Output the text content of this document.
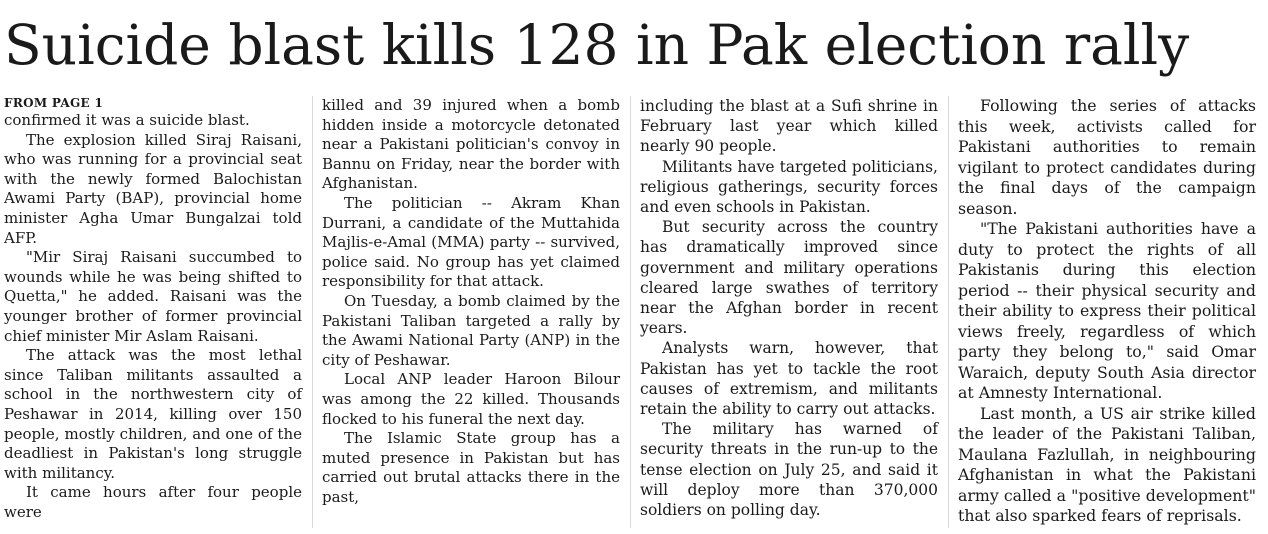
Suicide blast kills 128 in Pak election rally
FROM PAGE 1

confirmed it was a suicide blast.

The explosion killed Siraj Raisani, who was running for a provincial seat with the newly formed Balochistan Awami Party (BAP), provincial home minister Agha Umar Bungalzai told AFP.

"Mir Siraj Raisani succumbed to wounds while he was being shifted to Quetta," he added. Raisani was the younger brother of former provincial chief minister Mir Aslam Raisani.

The attack was the most lethal since Taliban militants assaulted a school in the northwestern city of Peshawar in 2014, killing over 150 people, mostly children, and one of the deadliest in Pakistan's long struggle with militancy.

It came hours after four people were

killed and 39 injured when a bomb hidden inside a motorcycle detonated near a Pakistani politician's convoy in Bannu on Friday, near the border with Afghanistan.

The politician -- Akram Khan Durrani, a candidate of the Muttahida Majlis-e-Amal (MMA) party -- survived, police said. No group has yet claimed responsibility for that attack.

On Tuesday, a bomb claimed by the Pakistani Taliban targeted a rally by the Awami National Party (ANP) in the city of Peshawar.

Local ANP leader Haroon Bilour was among the 22 killed. Thousands flocked to his funeral the next day.

The Islamic State group has a muted presence in Pakistan but has carried out brutal attacks there in the past,

including the blast at a Sufi shrine in February last year which killed nearly 90 people.

Militants have targeted politicians, religious gatherings, security forces and even schools in Pakistan.

But security across the country has dramatically improved since government and military operations cleared large swathes of territory near the Afghan border in recent years.

Analysts warn, however, that Pakistan has yet to tackle the root causes of extremism, and militants retain the ability to carry out attacks.

The military has warned of security threats in the run-up to the tense election on July 25, and said it will deploy more than 370,000 soldiers on polling day.

Following the series of attacks this week, activists called for Pakistani authorities to remain vigilant to protect candidates during the final days of the campaign season.

"The Pakistani authorities have a duty to protect the rights of all Pakistanis during this election period -- their physical security and their ability to express their political views freely, regardless of which party they belong to," said Omar Waraich, deputy South Asia director at Amnesty International.

Last month, a US air strike killed the leader of the Pakistani Taliban, Maulana Fazlullah, in neighbouring Afghanistan in what the Pakistani army called a "positive development" that also sparked fears of reprisals.
